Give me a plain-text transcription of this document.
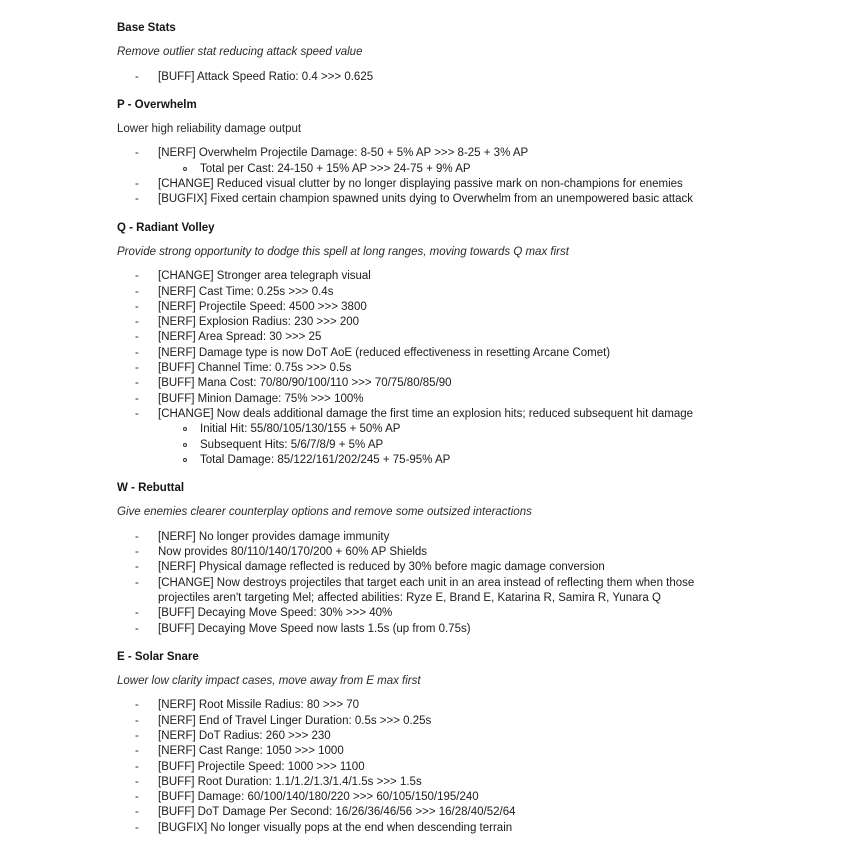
Base Stats

Remove outlier stat reducing attack speed value

- [BUFF] Attack Speed Ratio: 0.4 >>> 0.625
P - Overwhelm

Lower high reliability damage output

- [NERF] Overwhelm Projectile Damage: 8-50 + 5% AP >>> 8-25 + 3% AP
Total per Cast: 24-150 + 15% AP >>> 24-75 + 9% AP
- [CHANGE] Reduced visual clutter by no longer displaying passive mark on non-champions for enemies
- [BUGFIX] Fixed certain champion spawned units dying to Overwhelm from an unempowered basic attack
Q - Radiant Volley

Provide strong opportunity to dodge this spell at long ranges, moving towards Q max first

- [CHANGE] Stronger area telegraph visual
- [NERF] Cast Time: 0.25s >>> 0.4s
- [NERF] Projectile Speed: 4500 >>> 3800
- [NERF] Explosion Radius: 230 >>> 200
- [NERF] Area Spread: 30 >>> 25
- [NERF] Damage type is now DoT AoE (reduced effectiveness in resetting Arcane Comet)
- [BUFF] Channel Time: 0.75s >>> 0.5s
- [BUFF] Mana Cost: 70/80/90/100/110 >>> 70/75/80/85/90
- [BUFF] Minion Damage: 75% >>> 100%
- [CHANGE] Now deals additional damage the first time an explosion hits; reduced subsequent hit damage
Initial Hit: 55/80/105/130/155 + 50% AP
Subsequent Hits: 5/6/7/8/9 + 5% AP
Total Damage: 85/122/161/202/245 + 75-95% AP
W - Rebuttal

Give enemies clearer counterplay options and remove some outsized interactions

- [NERF] No longer provides damage immunity
- Now provides 80/110/140/170/200 + 60% AP Shields
- [NERF] Physical damage reflected is reduced by 30% before magic damage conversion
- [CHANGE] Now destroys projectiles that target each unit in an area instead of reflecting them when those projectiles aren't targeting Mel; affected abilities: Ryze E, Brand E, Katarina R, Samira R, Yunara Q
- [BUFF] Decaying Move Speed: 30% >>> 40%
- [BUFF] Decaying Move Speed now lasts 1.5s (up from 0.75s)
E - Solar Snare

Lower low clarity impact cases, move away from E max first

- [NERF] Root Missile Radius: 80 >>> 70
- [NERF] End of Travel Linger Duration: 0.5s >>> 0.25s
- [NERF] DoT Radius: 260 >>> 230
- [NERF] Cast Range: 1050 >>> 1000
- [BUFF] Projectile Speed: 1000 >>> 1100
- [BUFF] Root Duration: 1.1/1.2/1.3/1.4/1.5s >>> 1.5s
- [BUFF] Damage: 60/100/140/180/220 >>> 60/105/150/195/240
- [BUFF] DoT Damage Per Second: 16/26/36/46/56 >>> 16/28/40/52/64
- [BUGFIX] No longer visually pops at the end when descending terrain
